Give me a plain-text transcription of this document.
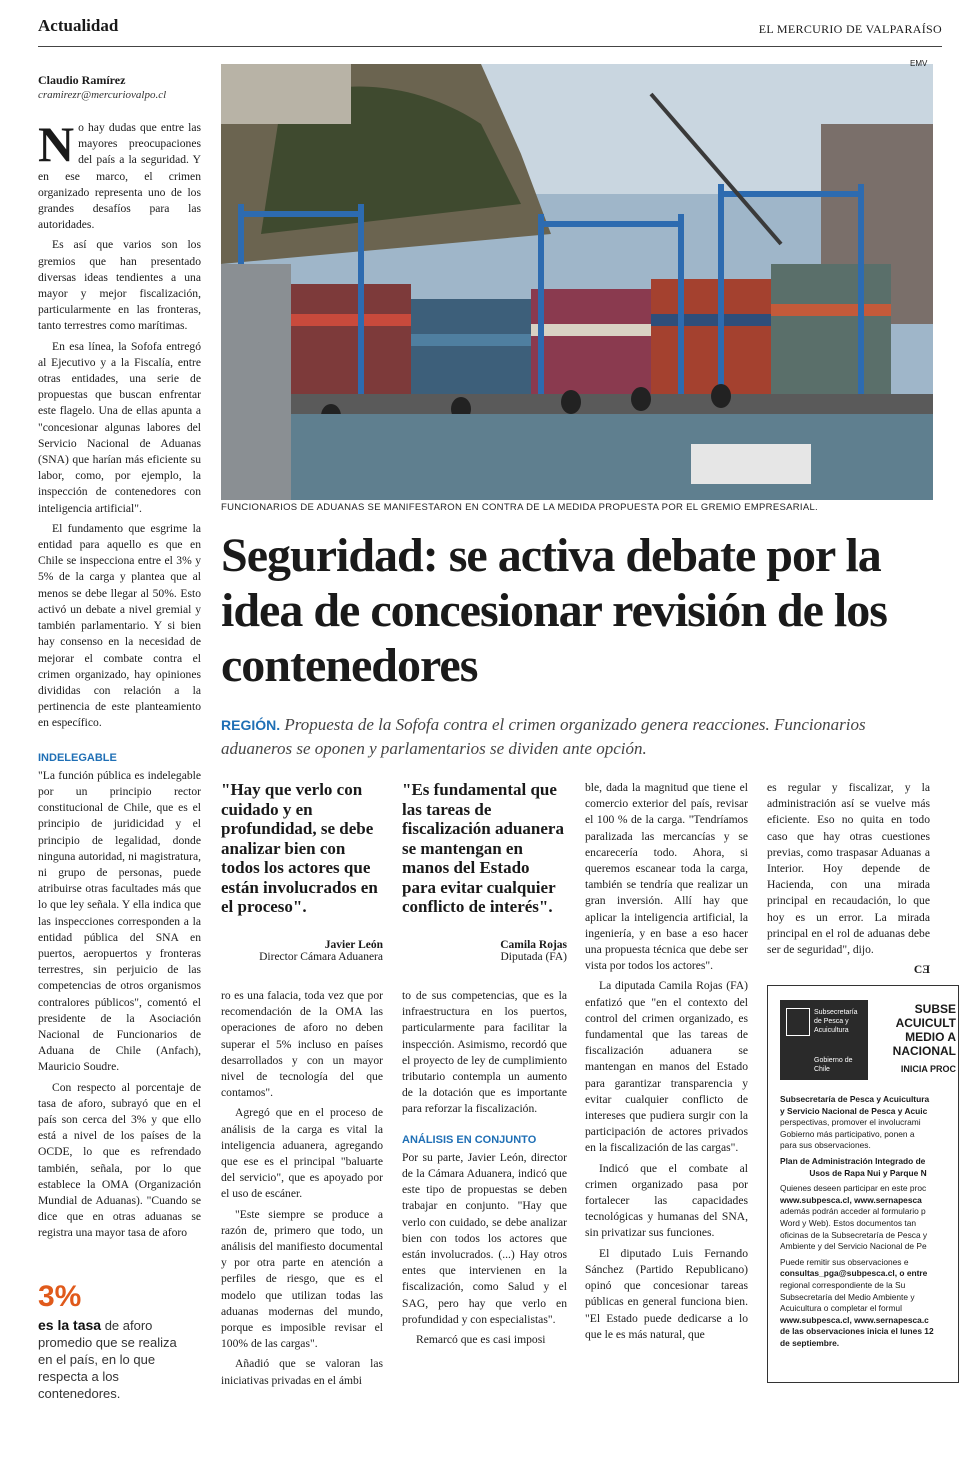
Actualidad	EL MERCURIO DE VALPARAÍSO
Claudio Ramírez
cramirezr@mercuriovalpo.cl

No hay dudas que entre las mayores preocupaciones del país a la seguridad. Y en ese marco, el crimen organizado representa uno de los grandes desafíos para las autoridades.

Es así que varios son los gremios que han presentado diversas ideas tendientes a una mayor y mejor fiscalización, particularmente en las fronteras, tanto terrestres como marítimas.

En esa línea, la Sofofa entregó al Ejecutivo y a la Fiscalía, entre otras entidades, una serie de propuestas que buscan enfrentar este flagelo. Una de ellas apunta a "concesionar algunas labores del Servicio Nacional de Aduanas (SNA) que harían más eficiente su labor, como, por ejemplo, la inspección de contenedores con inteligencia artificial".

El fundamento que esgrime la entidad para aquello es que en Chile se inspecciona entre el 3% y 5% de la carga y plantea que al menos se debe llegar al 50%. Esto activó un debate a nivel gremial y también parlamentario. Y si bien hay consenso en la necesidad de mejorar el combate contra el crimen organizado, hay opiniones divididas con relación a la pertinencia de este planteamiento en específico.

INDELEGABLE

"La función pública es indelegable por un principio rector constitucional de Chile, que es el principio de juridicidad y el principio de legalidad, donde ninguna autoridad, ni magistratura, ni grupo de personas, puede atribuirse otras facultades más que lo que ley señala. Y ella indica que las inspecciones corresponden a la entidad pública del SNA en puertos, aeropuertos y fronteras terrestres, sin perjuicio de las competencias de otros organismos contralores públicos", comentó el presidente de la Asociación Nacional de Funcionarios de Aduana de Chile (Anfach), Mauricio Soudre.

Con respecto al porcentaje de tasa de aforo, subrayó que en el país son cerca del 3% y que ello está a nivel de los países de la OCDE, lo que es refrendado también, señala, por lo que establece la OMA (Organización Mundial de Aduanas). "Cuando se dice que en otras aduanas se registra una mayor tasa de aforo

3%
es la tasa de aforo promedio que se realiza en el país, en lo que respecta a los contenedores.
EMV
FUNCIONARIOS DE ADUANAS SE MANIFESTARON EN CONTRA DE LA MEDIDA PROPUESTA POR EL GREMIO EMPRESARIAL.
Seguridad: se activa debate por la idea de concesionar revisión de los contenedores
REGIÓN. Propuesta de la Sofofa contra el crimen organizado genera reacciones. Funcionarios aduaneros se oponen y parlamentarios se dividen ante opción.
"Hay que verlo con cuidado y en profundidad, se debe analizar bien con todos los actores que están involucrados en el proceso".
Javier León
Director Cámara Aduanera
"Es fundamental que las tareas de fiscalización aduanera se mantengan en manos del Estado para evitar cualquier conflicto de interés".
Camila Rojas
Diputada (FA)

ro es una falacia, toda vez que por recomendación de la OMA las operaciones de aforo no deben superar el 5% incluso en países desarrollados y con un mayor nivel de tecnología del que contamos".

Agregó que en el proceso de análisis de la carga es vital la inteligencia aduanera, agregando que ese es el principal "baluarte del servicio", que es apoyado por el uso de escáner.

"Este siempre se produce a razón de, primero que todo, un análisis del manifiesto documental y por otra parte en atención a perfiles de riesgo, que es el modelo que utilizan todas las aduanas modernas del mundo, porque es imposible revisar el 100% de las cargas".

Añadió que se valoran las iniciativas privadas en el ámbi

to de sus competencias, que es la infraestructura en los puertos, particularmente para facilitar la inspección. Asimismo, recordó que el proyecto de ley de cumplimiento tributario contempla un aumento de la dotación que es importante para reforzar la fiscalización.

ANÁLISIS EN CONJUNTO

Por su parte, Javier León, director de la Cámara Aduanera, indicó que este tipo de propuestas se deben trabajar en conjunto. "Hay que verlo con cuidado, se debe analizar bien con todos los actores que están involucrados. (...) Hay otros entes que intervienen en la fiscalización, como Salud y el SAG, pero hay que verlo en profundidad y con especialistas".

Remarcó que es casi imposi

ble, dada la magnitud que tiene el comercio exterior del país, revisar el 100 % de la carga. "Tendríamos paralizada las mercancías y se encarecería todo. Ahora, si queremos escanear toda la carga, también se tendría que realizar un gran inversión. Allí hay que aplicar la inteligencia artificial, la ingeniería, y en base a eso hacer una propuesta técnica que debe ser vista por todos los actores".

La diputada Camila Rojas (FA) enfatizó que "en el contexto del control del crimen organizado, es fundamental que las tareas de fiscalización aduanera se mantengan en manos del Estado para garantizar transparencia y evitar cualquier conflicto de intereses que pudiera surgir con la participación de actores privados en la fiscalización de las cargas".

Indicó que el combate al crimen organizado pasa por fortalecer las capacidades tecnológicas y humanas del SNA, sin privatizar sus funciones.

El diputado Luis Fernando Sánchez (Partido Republicano) opinó que concesionar tareas públicas en general funciona bien. "El Estado puede dedicarse a lo que le es más natural, que

es regular y fiscalizar, y la administración así se vuelve más eficiente. Eso no quita en todo caso que hay otras cuestiones previas, como traspasar Aduanas a Interior. Hoy depende de Hacienda, con una mirada principal en recaudación, lo que hoy es un error. La mirada principal en el rol de aduanas debe ser de seguridad", dijo.

CƎ
Subsecretaría
de Pesca y
Acuicultura
Gobierno de Chile
SUBSE
ACUICULT
MEDIO A
NACIONAL
INICIA PROC
Subsecretaría de Pesca y Acuicultura
y Servicio Nacional de Pesca y Acuic
perspectivas, promover el involucrami
Gobierno más participativo, ponen a
para sus observaciones.
Plan de Administración Integrado de
Usos de Rapa Nui y Parque N
Quienes deseen participar en este proc
www.subpesca.cl, www.sernapesca
además podrán acceder al formulario p
Word y Web). Estos documentos tan
oficinas de la Subsecretaría de Pesca y
Ambiente y del Servicio Nacional de Pe
Puede remitir sus observaciones e
consultas_pga@subpesca.cl, o entre
regional correspondiente de la Su
Subsecretaría del Medio Ambiente y
Acuicultura o completar el formul
www.subpesca.cl, www.sernapesca.c
de las observaciones inicia el lunes 12
de septiembre.
